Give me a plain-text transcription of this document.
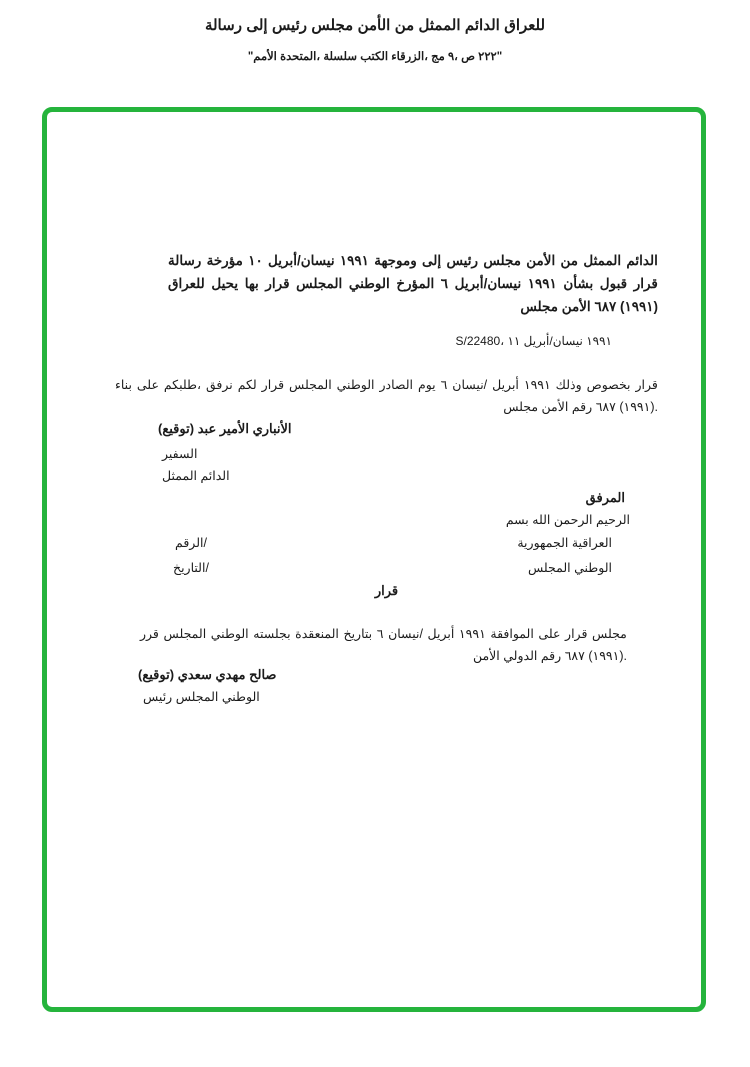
رسالة إلى رئيس مجلس الأمن من الممثل الدائم للعراق
"الأمم المتحدة، سلسلة الكتب الزرقاء، مج ٩، ص ٢٢٢"
رسالة مؤرخة ١٠ نيسان/أبريل ١٩٩١ وموجهة إلى رئيس مجلس الأمن من الممثل الدائم للعراق يحيل بها قرار المجلس الوطني المؤرخ ٦ نيسان/أبريل ١٩٩١ بشأن قبول قرار مجلس الأمن ٦٨٧ (١٩٩١)
S/22480، ١١ نيسان/أبريل ١٩٩١
بناء على طلبكم، نرفق لكم قرار المجلس الوطني الصادر يوم ٦ نيسان/ أبريل ١٩٩١ وذلك بخصوص قرار مجلس الأمن رقم ٦٨٧ (١٩٩١).
(توقيع) عبد الأمير الأنباري
السفير
الممثل الدائم
المرفق
بسم الله الرحمن الرحيم
الجمهورية العراقية
الرقم/
المجلس الوطني
التاريخ/
قرار
قرر المجلس الوطني بجلسته المنعقدة بتاريخ ٦ نيسان/ أبريل ١٩٩١ الموافقة على قرار مجلس الأمن الدولي رقم ٦٨٧ (١٩٩١).
(توقيع) سعدي مهدي صالح
رئيس المجلس الوطني
